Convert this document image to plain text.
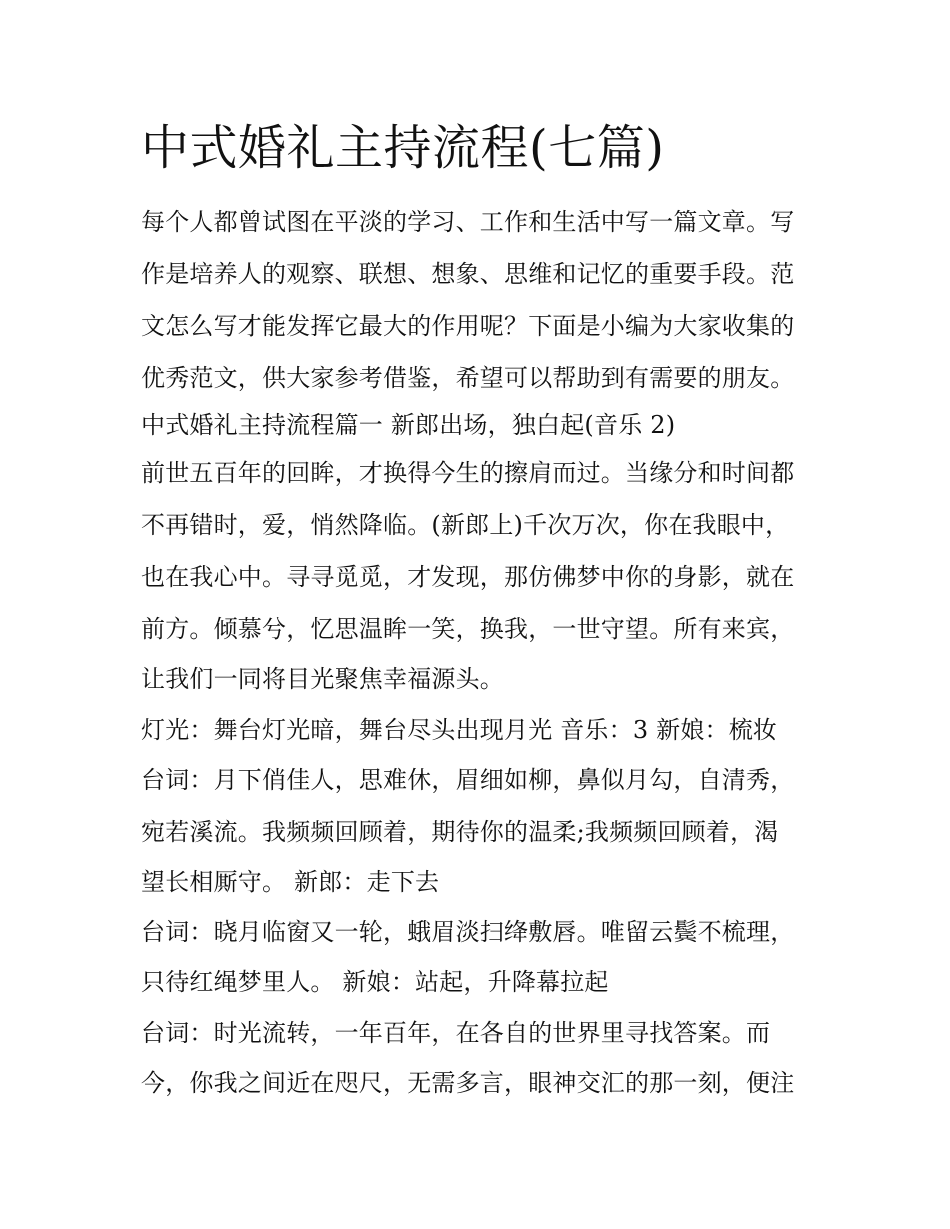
中式婚礼主持流程(七篇)

每个人都曾试图在平淡的学习、工作和生活中写一篇文章。写

作是培养人的观察、联想、想象、思维和记忆的重要手段。范

文怎么写才能发挥它最大的作用呢？下面是小编为大家收集的

优秀范文，供大家参考借鉴，希望可以帮助到有需要的朋友。

中式婚礼主持流程篇一 新郎出场，独白起(音乐 2)

前世五百年的回眸，才换得今生的擦肩而过。当缘分和时间都

不再错时，爱，悄然降临。(新郎上)千次万次，你在我眼中，

也在我心中。寻寻觅觅，才发现，那仿佛梦中你的身影，就在

前方。倾慕兮，忆思温眸一笑，换我，一世守望。所有来宾，

让我们一同将目光聚焦幸福源头。

灯光：舞台灯光暗，舞台尽头出现月光 音乐：3 新娘：梳妆

台词：月下俏佳人，思难休，眉细如柳，鼻似月勾，自清秀，

宛若溪流。我频频回顾着，期待你的温柔;我频频回顾着，渴

望长相厮守。 新郎：走下去

台词：晓月临窗又一轮，蛾眉淡扫绛敷唇。唯留云鬓不梳理，

只待红绳梦里人。 新娘：站起，升降幕拉起

台词：时光流转，一年百年，在各自的世界里寻找答案。而

今，你我之间近在咫尺，无需多言，眼神交汇的那一刻，便注
